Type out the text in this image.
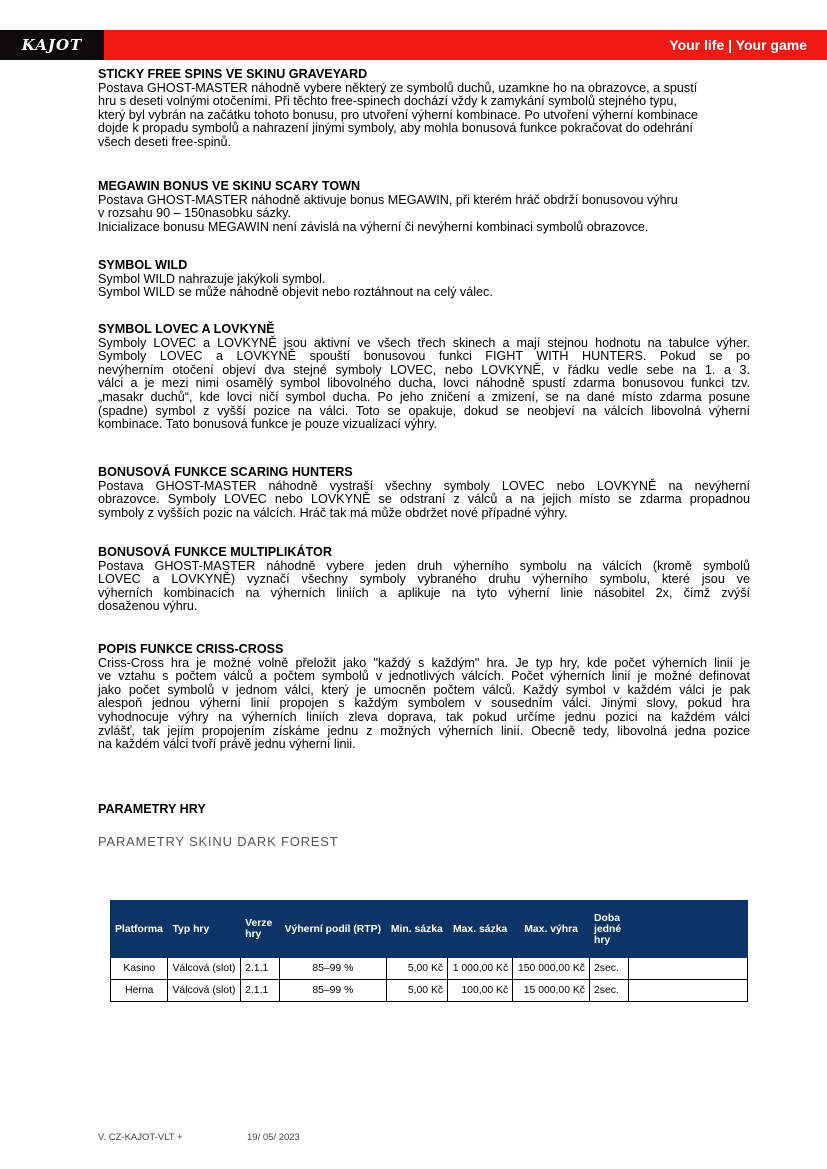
KAJOT	Your life | Your game
STICKY FREE SPINS VE SKINU GRAVEYARD
Postava GHOST-MASTER náhodně vybere některý ze symbolů duchů, uzamkne ho na obrazovce, a spustí
hru s deseti volnými otočeními. Při těchto free-spinech dochází vždy k zamykání symbolů stejného typu,
který byl vybrán na začátku tohoto bonusu, pro utvoření výherní kombinace. Po utvoření výherní kombinace
dojde k propadu symbolů a nahrazení jinými symboly, aby mohla bonusová funkce pokračovat do odehrání
všech deseti free-spinů.
MEGAWIN BONUS VE SKINU SCARY TOWN
Postava GHOST-MASTER náhodně aktivuje bonus MEGAWIN, při kterém hráč obdrží bonusovou výhru
v rozsahu 90 – 150nasobku sázky.
Inicializace bonusu MEGAWIN není závislá na výherní či nevýherní kombinaci symbolů obrazovce.
SYMBOL WILD
Symbol WILD nahrazuje jakýkoli symbol.
Symbol WILD se může náhodně objevit nebo roztáhnout na celý válec.
SYMBOL LOVEC A LOVKYNĚ
Symboly LOVEC a LOVKYNĚ jsou aktivní ve všech třech skinech a mají stejnou hodnotu na tabulce výher.
Symboly LOVEC a LOVKYNĚ spouští bonusovou funkci FIGHT WITH HUNTERS. Pokud se po
nevýherním otočení objeví dva stejné symboly LOVEC, nebo LOVKYNĚ, v řádku vedle sebe na 1. a 3.
válci a je mezi nimi osamělý symbol libovolného ducha, lovci náhodně spustí zdarma bonusovou funkci tzv.
„masakr duchů“, kde lovci ničí symbol ducha. Po jeho zničení a zmizení, se na dané místo zdarma posune
(spadne) symbol z vyšší pozice na válci. Toto se opakuje, dokud se neobjeví na válcích libovolná výherní
kombinace. Tato bonusová funkce je pouze vizualizací výhry.
BONUSOVÁ FUNKCE SCARING HUNTERS
Postava GHOST-MASTER náhodně vystraší všechny symboly LOVEC nebo LOVKYNĚ na nevýherní
obrazovce. Symboly LOVEC nebo LOVKYNĚ se odstraní z válců a na jejich místo se zdarma propadnou
symboly z vyšších pozic na válcích. Hráč tak má může obdržet nové případné výhry.
BONUSOVÁ FUNKCE MULTIPLIKÁTOR
Postava GHOST-MASTER náhodně vybere jeden druh výherního symbolu na válcích (kromě symbolů
LOVEC a LOVKYNĚ) vyznačí všechny symboly vybraného druhu výherního symbolu, které jsou ve
výherních kombinacích na výherních liniích a aplikuje na tyto výherní linie násobitel 2x, čímž zvýší
dosaženou výhru.
POPIS FUNKCE CRISS-CROSS
Criss-Cross hra je možné volně přeložit jako "každý s každým" hra. Je typ hry, kde počet výherních linií je
ve vztahu s počtem válců a počtem symbolů v jednotlivých válcích. Počet výherních linií je možné definovat
jako počet symbolů v jednom válci, který je umocněn počtem válců. Každý symbol v každém válci je pak
alespoň jednou výherní linií propojen s každým symbolem v sousedním válci. Jinými slovy, pokud hra
vyhodnocuje výhry na výherních liniích zleva doprava, tak pokud určíme jednu pozici na každém válci
zvlášť, tak jejím propojením získáme jednu z možných výherních linií. Obecně tedy, libovolná jedna pozice
na každém válci tvoří právě jednu výherní linii.
PARAMETRY HRY
PARAMETRY SKINU DARK FOREST
Platforma	Typ hry	Verze hry	Výherní podíl (RTP)	Min. sázka	Max. sázka	Max. výhra	Doba jedné hry	
Kasino	Válcová (slot)	2.1.1	85–99 %	5,00 Kč	1 000,00 Kč	150 000,00 Kč	2sec.	
Herna	Válcová (slot)	2.1.1	85–99 %	5,00 Kč	100,00 Kč	15 000,00 Kč	2sec.	
V. CZ-KAJOT-VLT +	19/ 05/ 2023
